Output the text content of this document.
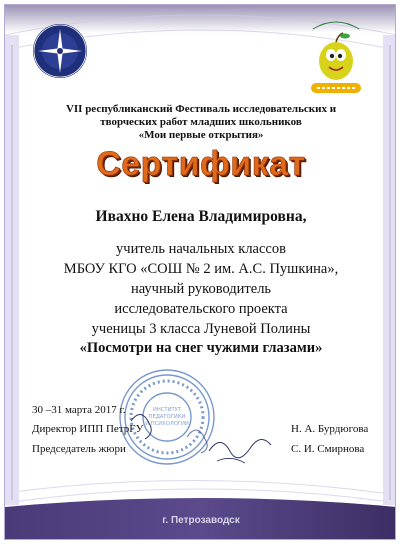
VII республиканский Фестиваль исследовательских и
творческих работ младших школьников
«Мои первые открытия»
Сертификат
Ивахно Елена Владимировна,
учитель начальных классов
МБОУ КГО «СОШ № 2 им. А.С. Пушкина»,
научный руководитель
исследовательского проекта
ученицы 3 класса Луневой Полины
«Посмотри на снег чужими глазами»
ИНСТИТУТ
ПЕДАГОГИКИ
И ПСИХОЛОГИИ
30 –31 марта 2017 г.
Директор ИПП ПетрГУ	Н. А. Бурдюгова
Председатель жюри	С. И. Смирнова
г. Петрозаводск
